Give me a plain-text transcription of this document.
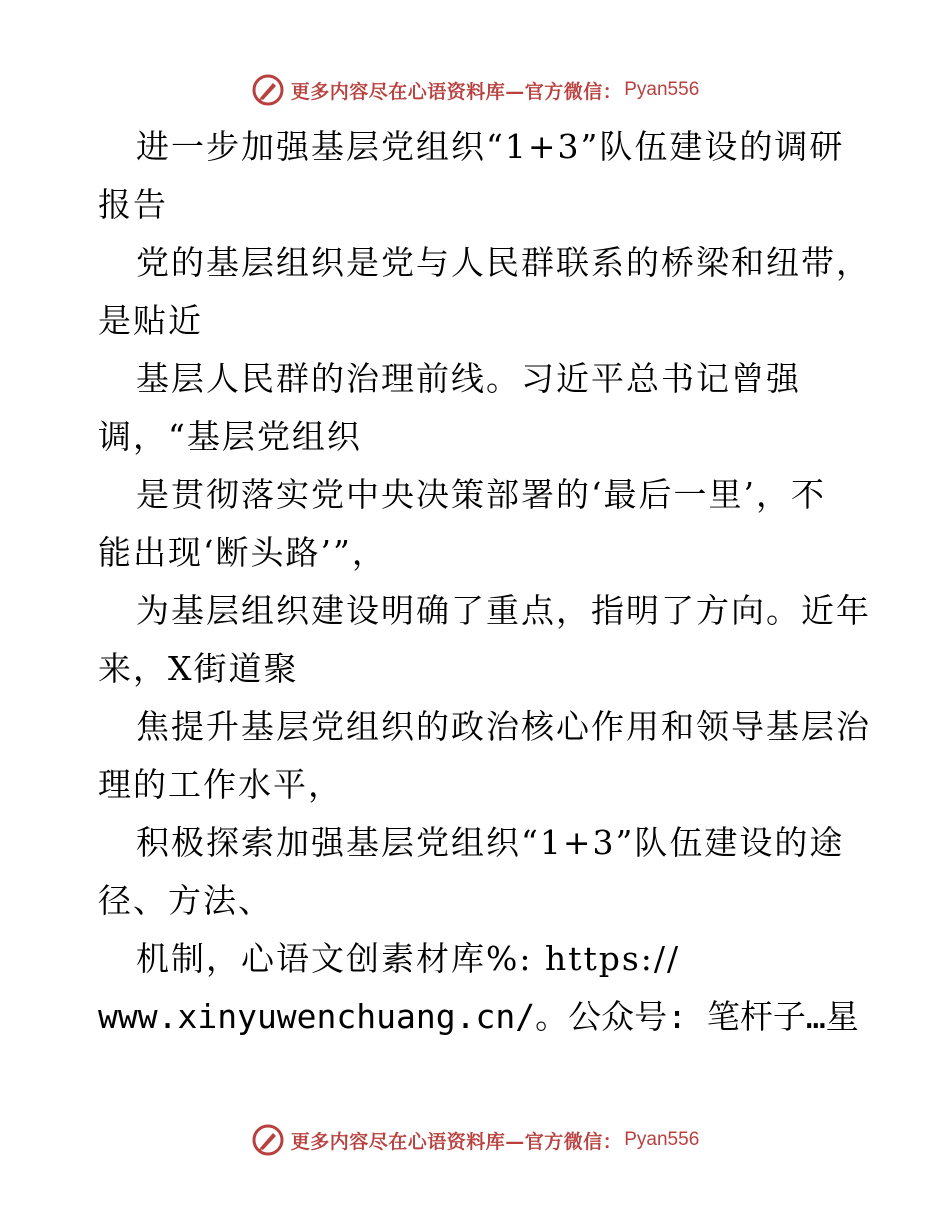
更多内容尽在心语资料库—官方微信： Pyan556
进一步加强基层党组织“1+3”队伍建设的调研
报告
党的基层组织是党与人民群联系的桥梁和纽带，
是贴近
基层人民群的治理前线。习近平总书记曾强
调，“基层党组织
是贯彻落实党中央决策部署的‘最后一里’，不
能出现‘断头路’”，
为基层组织建设明确了重点，指明了方向。近年
来，X街道聚
焦提升基层党组织的政治核心作用和领导基层治
理的工作水平，
积极探索加强基层党组织“1+3”队伍建设的途
径、方法、
机制，心语文创素材库%: https://
www.xinyuwenchuang.cn/。公众号: 笔杆子…星
更多内容尽在心语资料库—官方微信： Pyan556
